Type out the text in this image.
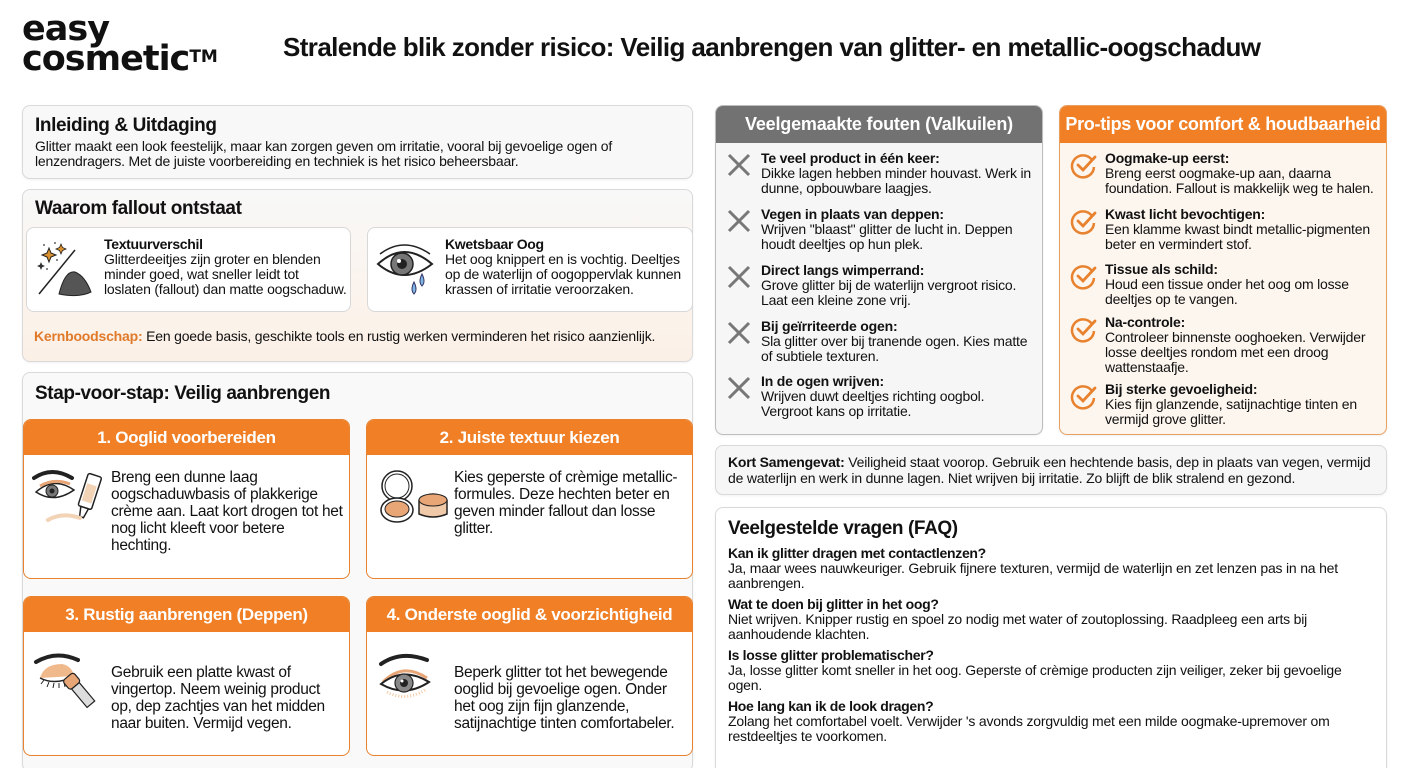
easy
cosmetic™	Stralende blik zonder risico: Veilig aanbrengen van glitter- en metallic-oogschaduw
Inleiding & Uitdaging
Glitter maakt een look feestelijk, maar kan zorgen geven om irritatie, vooral bij gevoelige ogen of lenzendragers. Met de juiste voorbereiding en techniek is het risico beheersbaar.
Waarom fallout ontstaat
Textuurverschil
Glitterdeeitjes zijn groter en blenden minder goed, wat sneller leidt tot loslaten (fallout) dan matte oogschaduw.
Kwetsbaar Oog
Het oog knippert en is vochtig. Deeltjes op de waterlijn of oogoppervlak kunnen krassen of irritatie veroorzaken.
Kernboodschap: Een goede basis, geschikte tools en rustig werken verminderen het risico aanzienlijk.
Stap-voor-stap: Veilig aanbrengen
1. Ooglid voorbereiden
Breng een dunne laag oogschaduwbasis of plakkerige crème aan. Laat kort drogen tot het nog licht kleeft voor betere hechting.
2. Juiste textuur kiezen
Kies geperste of crèmige metallic-formules. Deze hechten beter en geven minder fallout dan losse glitter.
3. Rustig aanbrengen (Deppen)
Gebruik een platte kwast of vingertop. Neem weinig product op, dep zachtjes van het midden naar buiten. Vermijd vegen.
4. Onderste ooglid & voorzichtigheid
Beperk glitter tot het bewegende ooglid bij gevoelige ogen. Onder het oog zijn fijn glanzende, satijnachtige tinten comfortabeler.
Veelgemaakte fouten (Valkuilen)
Te veel product in één keer:
Dikke lagen hebben minder houvast. Werk in dunne, opbouwbare laagjes.
Vegen in plaats van deppen:
Wrijven "blaast" glitter de lucht in. Deppen houdt deeltjes op hun plek.
Direct langs wimperrand:
Grove glitter bij de waterlijn vergroot risico. Laat een kleine zone vrij.
Bij geïrriteerde ogen:
Sla glitter over bij tranende ogen. Kies matte of subtiele texturen.
In de ogen wrijven:
Wrijven duwt deeltjes richting oogbol. Vergroot kans op irritatie.
Pro-tips voor comfort & houdbaarheid
Oogmake-up eerst:
Breng eerst oogmake-up aan, daarna foundation. Fallout is makkelijk weg te halen.
Kwast licht bevochtigen:
Een klamme kwast bindt metallic-pigmenten beter en vermindert stof.
Tissue als schild:
Houd een tissue onder het oog om losse deeltjes op te vangen.
Na-controle:
Controleer binnenste ooghoeken. Verwijder losse deeltjes rondom met een droog wattenstaafje.
Bij sterke gevoeligheid:
Kies fijn glanzende, satijnachtige tinten en vermijd grove glitter.
Kort Samengevat: Veiligheid staat voorop. Gebruik een hechtende basis, dep in plaats van vegen, vermijd de waterlijn en werk in dunne lagen. Niet wrijven bij irritatie. Zo blijft de blik stralend en gezond.
Veelgestelde vragen (FAQ)
Kan ik glitter dragen met contactlenzen?
Ja, maar wees nauwkeuriger. Gebruik fijnere texturen, vermijd de waterlijn en zet lenzen pas in na het aanbrengen.
Wat te doen bij glitter in het oog?
Niet wrijven. Knipper rustig en spoel zo nodig met water of zoutoplossing. Raadpleeg een arts bij aanhoudende klachten.
Is losse glitter problematischer?
Ja, losse glitter komt sneller in het oog. Geperste of crèmige producten zijn veiliger, zeker bij gevoelige ogen.
Hoe lang kan ik de look dragen?
Zolang het comfortabel voelt. Verwijder 's avonds zorgvuldig met een milde oogmake-upremover om restdeeltjes te voorkomen.
